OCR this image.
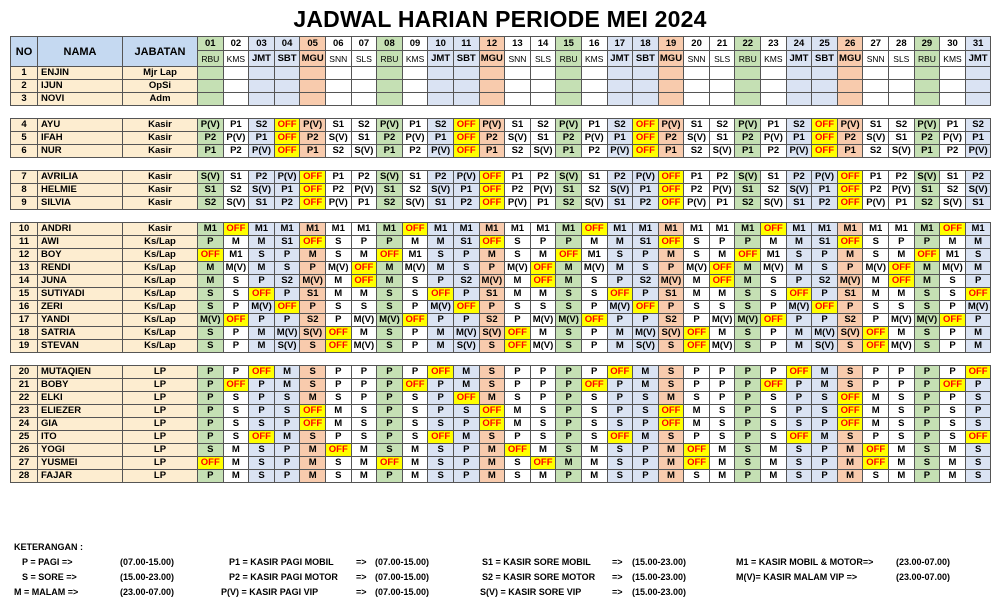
JADWAL HARIAN PERIODE MEI 2024
NO	NAMA	JABATAN	01	02	03	04	05	06	07	08	09	10	11	12	13	14	15	16	17	18	19	20	21	22	23	24	25	26	27	28	29	30	31
			RBU	KMS	JMT	SBT	MGU	SNN	SLS	RBU	KMS	JMT	SBT	MGU	SNN	SLS	RBU	KMS	JMT	SBT	MGU	SNN	SLS	RBU	KMS	JMT	SBT	MGU	SNN	SLS	RBU	KMS	JMT
1	ENJIN	Mjr Lap																															
2	IJUN	OpSi																															
3	NOVI	Adm																															

4	AYU	Kasir	P(V)	P1	S2	OFF	P(V)	S1	S2	P(V)	P1	S2	OFF	P(V)	S1	S2	P(V)	P1	S2	OFF	P(V)	S1	S2	P(V)	P1	S2	OFF	P(V)	S1	S2	P(V)	P1	S2
5	IFAH	Kasir	P2	P(V)	P1	OFF	P2	S(V)	S1	P2	P(V)	P1	OFF	P2	S(V)	S1	P2	P(V)	P1	OFF	P2	S(V)	S1	P2	P(V)	P1	OFF	P2	S(V)	S1	P2	P(V)	P1
6	NUR	Kasir	P1	P2	P(V)	OFF	P1	S2	S(V)	P1	P2	P(V)	OFF	P1	S2	S(V)	P1	P2	P(V)	OFF	P1	S2	S(V)	P1	P2	P(V)	OFF	P1	S2	S(V)	P1	P2	P(V)

7	AVRILIA	Kasir	S(V)	S1	P2	P(V)	OFF	P1	P2	S(V)	S1	P2	P(V)	OFF	P1	P2	S(V)	S1	P2	P(V)	OFF	P1	P2	S(V)	S1	P2	P(V)	OFF	P1	P2	S(V)	S1	P2
8	HELMIE	Kasir	S1	S2	S(V)	P1	OFF	P2	P(V)	S1	S2	S(V)	P1	OFF	P2	P(V)	S1	S2	S(V)	P1	OFF	P2	P(V)	S1	S2	S(V)	P1	OFF	P2	P(V)	S1	S2	S(V)
9	SILVIA	Kasir	S2	S(V)	S1	P2	OFF	P(V)	P1	S2	S(V)	S1	P2	OFF	P(V)	P1	S2	S(V)	S1	P2	OFF	P(V)	P1	S2	S(V)	S1	P2	OFF	P(V)	P1	S2	S(V)	S1

10	ANDRI	Kasir	M1	OFF	M1	M1	M1	M1	M1	M1	OFF	M1	M1	M1	M1	M1	M1	OFF	M1	M1	M1	M1	M1	M1	OFF	M1	M1	M1	M1	M1	M1	OFF	M1
11	AWI	Ks/Lap	P	M	M	S1	OFF	S	P	P	M	M	S1	OFF	S	P	P	M	M	S1	OFF	S	P	P	M	M	S1	OFF	S	P	P	M	M
12	BOY	Ks/Lap	OFF	M1	S	P	M	S	M	OFF	M1	S	P	M	S	M	OFF	M1	S	P	M	S	M	OFF	M1	S	P	M	S	M	OFF	M1	S
13	RENDI	Ks/Lap	M	M(V)	M	S	P	M(V)	OFF	M	M(V)	M	S	P	M(V)	OFF	M	M(V)	M	S	P	M(V)	OFF	M	M(V)	M	S	P	M(V)	OFF	M	M(V)	M
14	JUNA	Ks/Lap	M	S	P	S2	M(V)	M	OFF	M	S	P	S2	M(V)	M	OFF	M	S	P	S2	M(V)	M	OFF	M	S	P	S2	M(V)	M	OFF	M	S	P
15	SUTIYADI	Ks/Lap	S	S	OFF	P	S1	M	M	S	S	OFF	P	S1	M	M	S	S	OFF	P	S1	M	M	S	S	OFF	P	S1	M	M	S	S	OFF
16	ZERI	Ks/Lap	S	P	M(V)	OFF	P	S	S	S	P	M(V)	OFF	P	S	S	S	P	M(V)	OFF	P	S	S	S	P	M(V)	OFF	P	S	S	S	P	M(V)
17	YANDI	Ks/Lap	M(V)	OFF	P	P	S2	P	M(V)	M(V)	OFF	P	P	S2	P	M(V)	M(V)	OFF	P	P	S2	P	M(V)	M(V)	OFF	P	P	S2	P	M(V)	M(V)	OFF	P
18	SATRIA	Ks/Lap	S	P	M	M(V)	S(V)	OFF	M	S	P	M	M(V)	S(V)	OFF	M	S	P	M	M(V)	S(V)	OFF	M	S	P	M	M(V)	S(V)	OFF	M	S	P	M
19	STEVAN	Ks/Lap	S	P	M	S(V)	S	OFF	M(V)	S	P	M	S(V)	S	OFF	M(V)	S	P	M	S(V)	S	OFF	M(V)	S	P	M	S(V)	S	OFF	M(V)	S	P	M

20	MUTAQIEN	LP	P	P	OFF	M	S	P	P	P	P	OFF	M	S	P	P	P	P	OFF	M	S	P	P	P	P	OFF	M	S	P	P	P	P	OFF
21	BOBY	LP	P	OFF	P	M	S	P	P	P	OFF	P	M	S	P	P	P	OFF	P	M	S	P	P	P	OFF	P	M	S	P	P	P	OFF	P
22	ELKI	LP	P	S	P	S	M	S	P	P	S	P	OFF	M	S	P	P	S	P	S	M	S	P	P	S	P	S	OFF	M	S	P	P	S
23	ELIEZER	LP	P	S	P	S	OFF	M	S	P	S	P	S	OFF	M	S	P	S	P	S	OFF	M	S	P	S	P	S	OFF	M	S	P	S	P
24	GIA	LP	P	S	S	P	OFF	M	S	P	S	S	P	OFF	M	S	P	S	S	P	OFF	M	S	P	S	S	P	OFF	M	S	P	S	S
25	ITO	LP	P	S	OFF	M	S	P	S	P	S	OFF	M	S	P	S	P	S	OFF	M	S	P	S	P	S	OFF	M	S	P	S	P	S	OFF
26	YOGI	LP	S	M	S	P	M	OFF	M	S	M	S	P	M	OFF	M	S	M	S	P	M	OFF	M	S	M	S	P	M	OFF	M	S	M	S
27	YUSMEI	LP	OFF	M	S	P	M	S	M	OFF	M	S	P	M	S	OFF	M	M	S	P	M	OFF	M	S	M	S	P	M	OFF	M	S	M	S
28	FAJAR	LP	P	M	S	P	M	S	M	P	M	S	P	M	S	M	P	M	S	P	M	S	M	P	M	S	P	M	S	M	P	M	S
KETERANGAN :
P = PAGI =>	(07.00-15.00)	P1 = KASIR PAGI MOBIL => (07.00-15.00)	S1 = KASIR SORE MOBIL => (15.00-23.00)	M1 = KASIR MOBIL & MOTOR=>	(23.00-07.00)
S = SORE =>	(15.00-23.00)	P2 = KASIR PAGI MOTOR => (07.00-15.00)	S2 = KASIR SORE MOTOR => (15.00-23.00)	M(V)= KASIR MALAM VIP =>	(23.00-07.00)
M = MALAM =>	(23.00-07.00)	P(V) = KASIR PAGI VIP	=> (07.00-15.00)	S(V) = KASIR SORE VIP	=> (15.00-23.00)
